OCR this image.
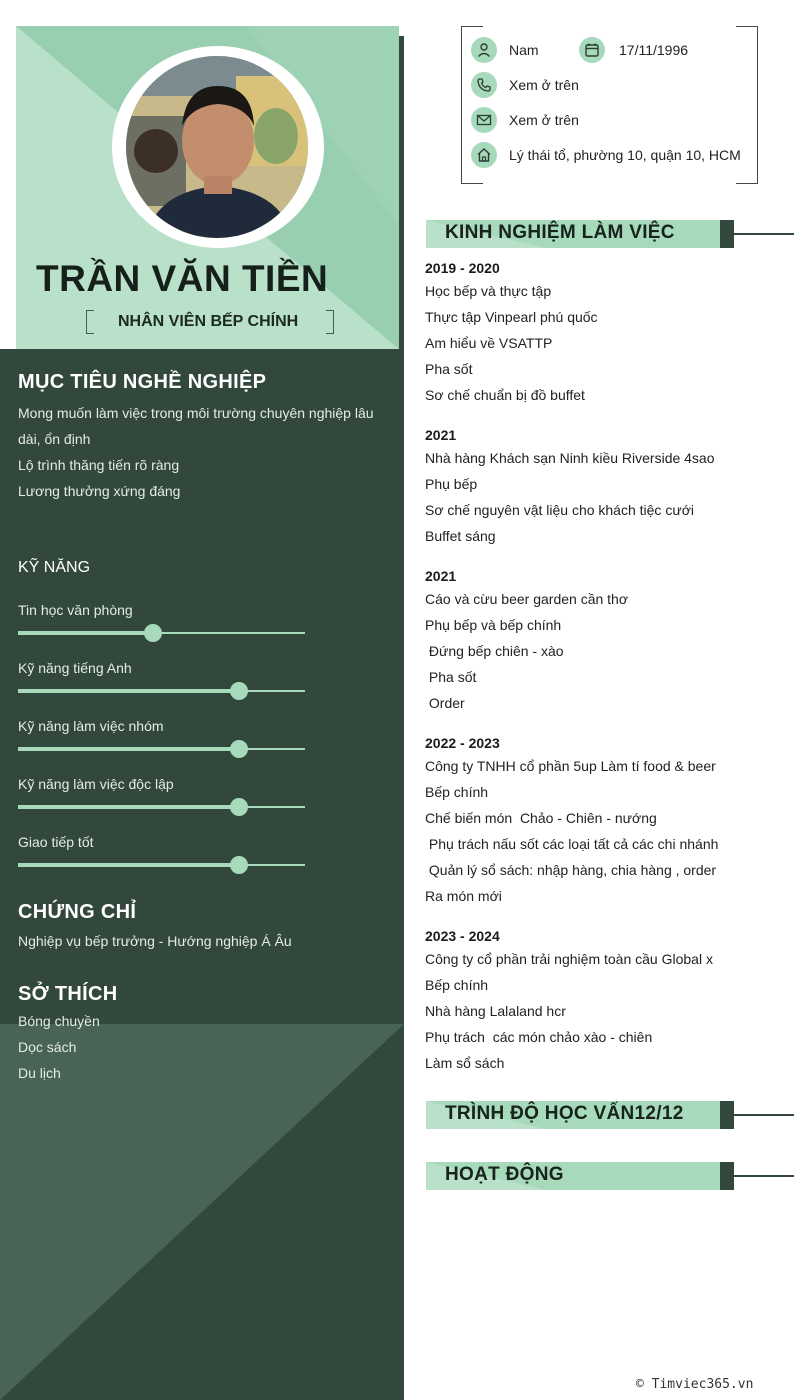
TRẦN VĂN TIỀN
NHÂN VIÊN BẾP CHÍNH
MỤC TIÊU NGHỀ NGHIỆP
Mong muốn làm việc trong môi trường chuyên nghiệp lâu
dài, ổn định
Lộ trình thăng tiến rõ ràng
Lương thưởng xứng đáng
KỸ NĂNG
Tin học văn phòng
Kỹ năng tiếng Anh
Kỹ năng làm việc nhóm
Kỹ năng làm việc độc lập
Giao tiếp tốt
CHỨNG CHỈ
Nghiệp vụ bếp trưởng - Hướng nghiệp Á Âu
SỞ THÍCH
Bóng chuyền
Dọc sách
Du lịch
Nam	17/11/1996
Xem ở trên
Xem ở trên
Lý thái tổ, phường 10, quận 10, HCM
KINH NGHIỆM LÀM VIỆC
2019 - 2020
Học bếp và thực tập
Thực tập Vinpearl phú quốc
Am hiểu về VSATTP
Pha sốt
Sơ chế chuẩn bị đồ buffet
2021
Nhà hàng Khách sạn Ninh kiều Riverside 4sao
Phụ bếp
Sơ chế nguyên vật liệu cho khách tiệc cưới
Buffet sáng
2021
Cáo và cừu beer garden cần thơ
Phụ bếp và bếp chính
Đứng bếp chiên - xào
Pha sốt
Order
2022 - 2023
Công ty TNHH cổ phần 5up Làm tí food & beer
Bếp chính
Chế biến món  Chảo - Chiên - nướng
Phụ trách nấu sốt các loại tất cả các chi nhánh
Quản lý sổ sách: nhập hàng, chia hàng , order
Ra món mới
2023 - 2024
Công ty cổ phần trải nghiệm toàn cầu Global x
Bếp chính
Nhà hàng Lalaland hcr
Phụ trách  các món chảo xào - chiên
Làm sổ sách
TRÌNH ĐỘ HỌC VẤN12/12
HOẠT ĐỘNG
© Timviec365.vn
